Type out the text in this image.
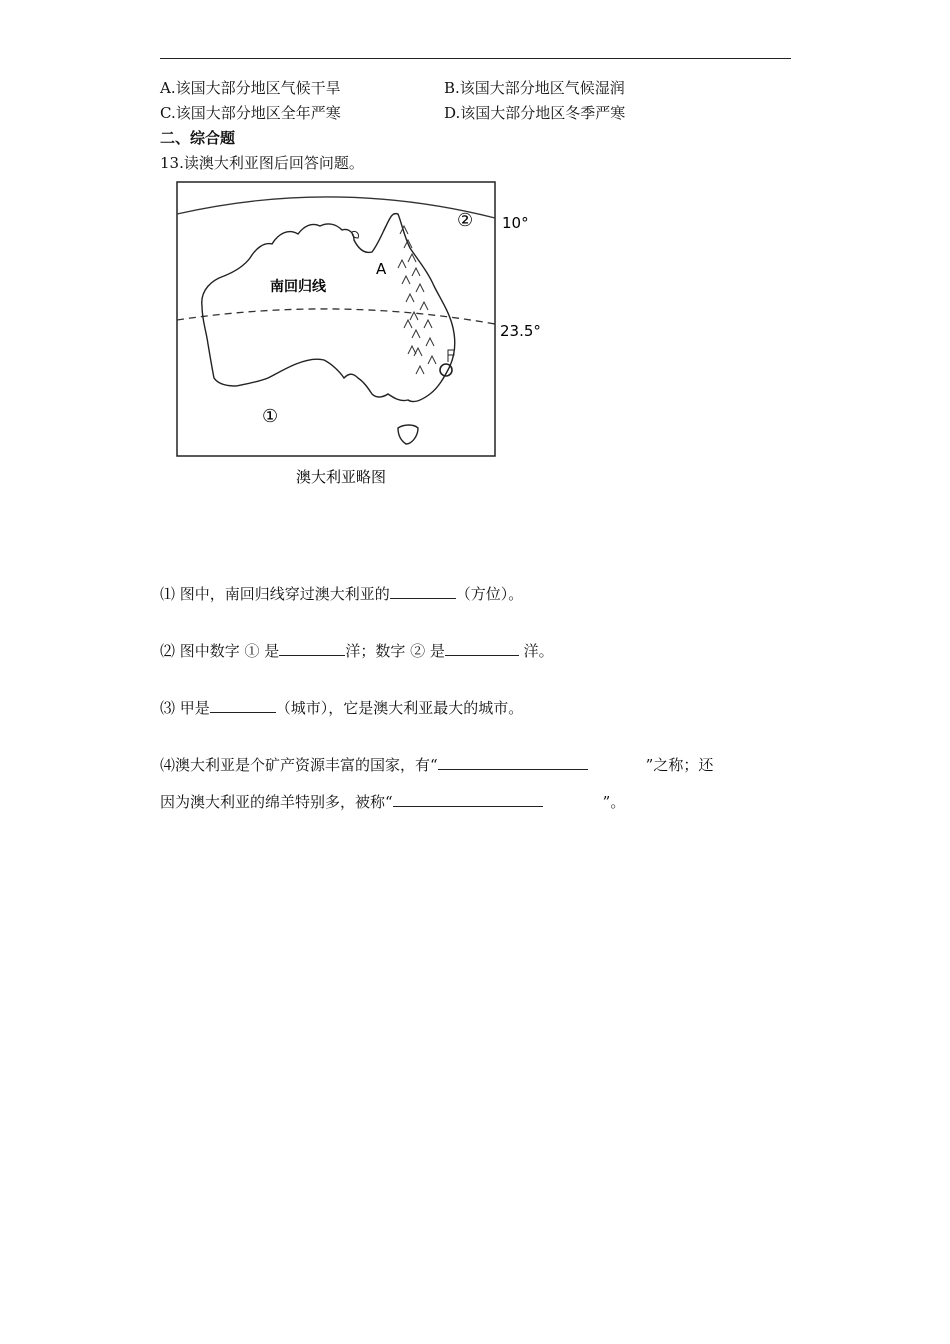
A.该国大部分地区气候干旱	B.该国大部分地区气候湿润
C.该国大部分地区全年严寒	D.该国大部分地区冬季严寒
二、综合题
13.读澳大利亚图后回答问题。
南回归线
A
②
①
10°
23.5°
澳大利亚略图
⑴ 图中，南回归线穿过澳大利亚的	（方位）。
⑵ 图中数字 ① 是	洋；数字 ② 是	洋。
⑶ 甲是	（城市），它是澳大利亚最大的城市。
⑷澳大利亚是个矿产资源丰富的国家，有“	”之称；还
因为澳大利亚的绵羊特别多，被称“	”。
